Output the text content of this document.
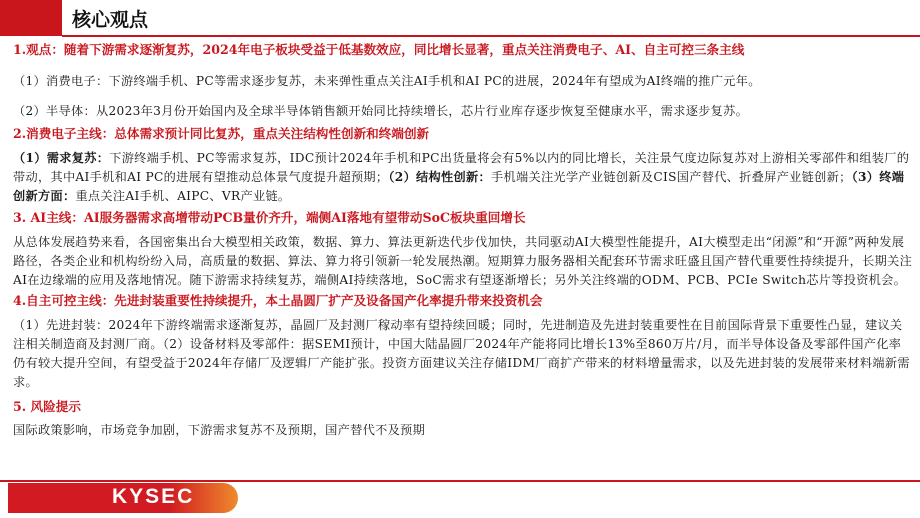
核心观点
1.观点：随着下游需求逐渐复苏，2024年电子板块受益于低基数效应，同比增长显著，重点关注消费电子、AI、自主可控三条主线
（1）消费电子：下游终端手机、PC等需求逐步复苏，未来弹性重点关注AI手机和AI PC的进展，2024年有望成为AI终端的推广元年。
（2）半导体：从2023年3月份开始国内及全球半导体销售额开始同比持续增长，芯片行业库存逐步恢复至健康水平，需求逐步复苏。
2.消费电子主线：总体需求预计同比复苏，重点关注结构性创新和终端创新
（1）需求复苏：下游终端手机、PC等需求复苏，IDC预计2024年手机和PC出货量将会有5%以内的同比增长，关注景气度边际复苏对上游相关零部件和组装厂的带动，其中AI手机和AI PC的进展有望推动总体景气度提升超预期；（2）结构性创新：手机端关注光学产业链创新及CIS国产替代、折叠屏产业链创新；（3）终端创新方面：重点关注AI手机、AIPC、VR产业链。
3. AI主线：AI服务器需求高增带动PCB量价齐升，端侧AI落地有望带动SoC板块重回增长
从总体发展趋势来看，各国密集出台大模型相关政策，数据、算力、算法更新迭代步伐加快，共同驱动AI大模型性能提升，AI大模型走出“闭源”和“开源”两种发展路径，各类企业和机构纷纷入局，高质量的数据、算法、算力将引领新一轮发展热潮。短期算力服务器相关配套环节需求旺盛且国产替代重要性持续提升，长期关注AI在边缘端的应用及落地情况。随下游需求持续复苏，端侧AI持续落地，SoC需求有望逐渐增长；另外关注终端的ODM、PCB、PCIe Switch芯片等投资机会。
4.自主可控主线：先进封装重要性持续提升，本土晶圆厂扩产及设备国产化率提升带来投资机会
（1）先进封装：2024年下游终端需求逐渐复苏，晶圆厂及封测厂稼动率有望持续回暖；同时，先进制造及先进封装重要性在目前国际背景下重要性凸显，建议关注相关制造商及封测厂商。（2）设备材料及零部件：据SEMI预计，中国大陆晶圆厂2024年产能将同比增长13%至860万片/月，而半导体设备及零部件国产化率仍有较大提升空间，有望受益于2024年存储厂及逻辑厂产能扩张。投资方面建议关注存储IDM厂商扩产带来的材料增量需求，以及先进封装的发展带来材料端新需求。
5. 风险提示
国际政策影响，市场竞争加剧，下游需求复苏不及预期，国产替代不及预期
KYSEC
